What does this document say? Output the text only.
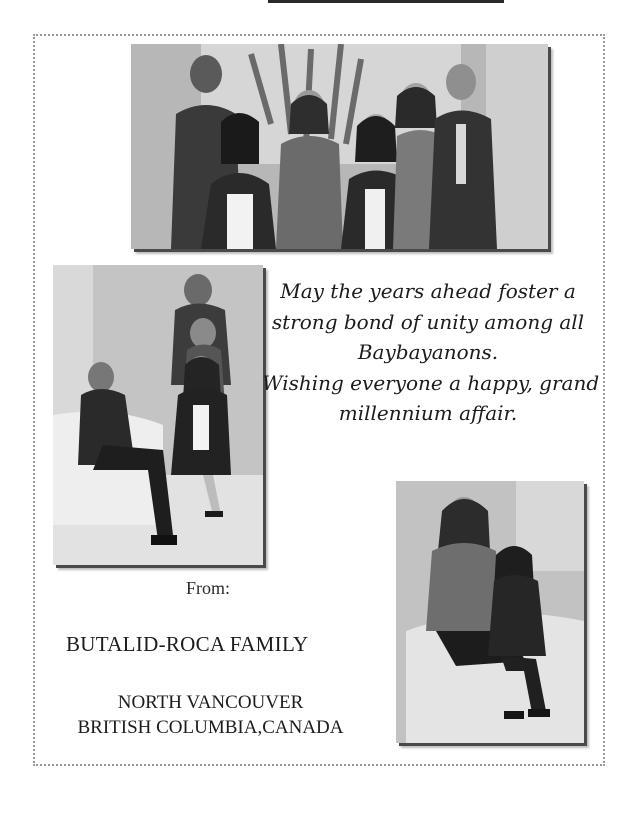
May the years ahead foster a
strong bond of unity among all
Baybayanons.
Wishing everyone a happy, grand
millennium affair.
From:
BUTALID-ROCA FAMILY
NORTH VANCOUVER
BRITISH COLUMBIA,CANADA
